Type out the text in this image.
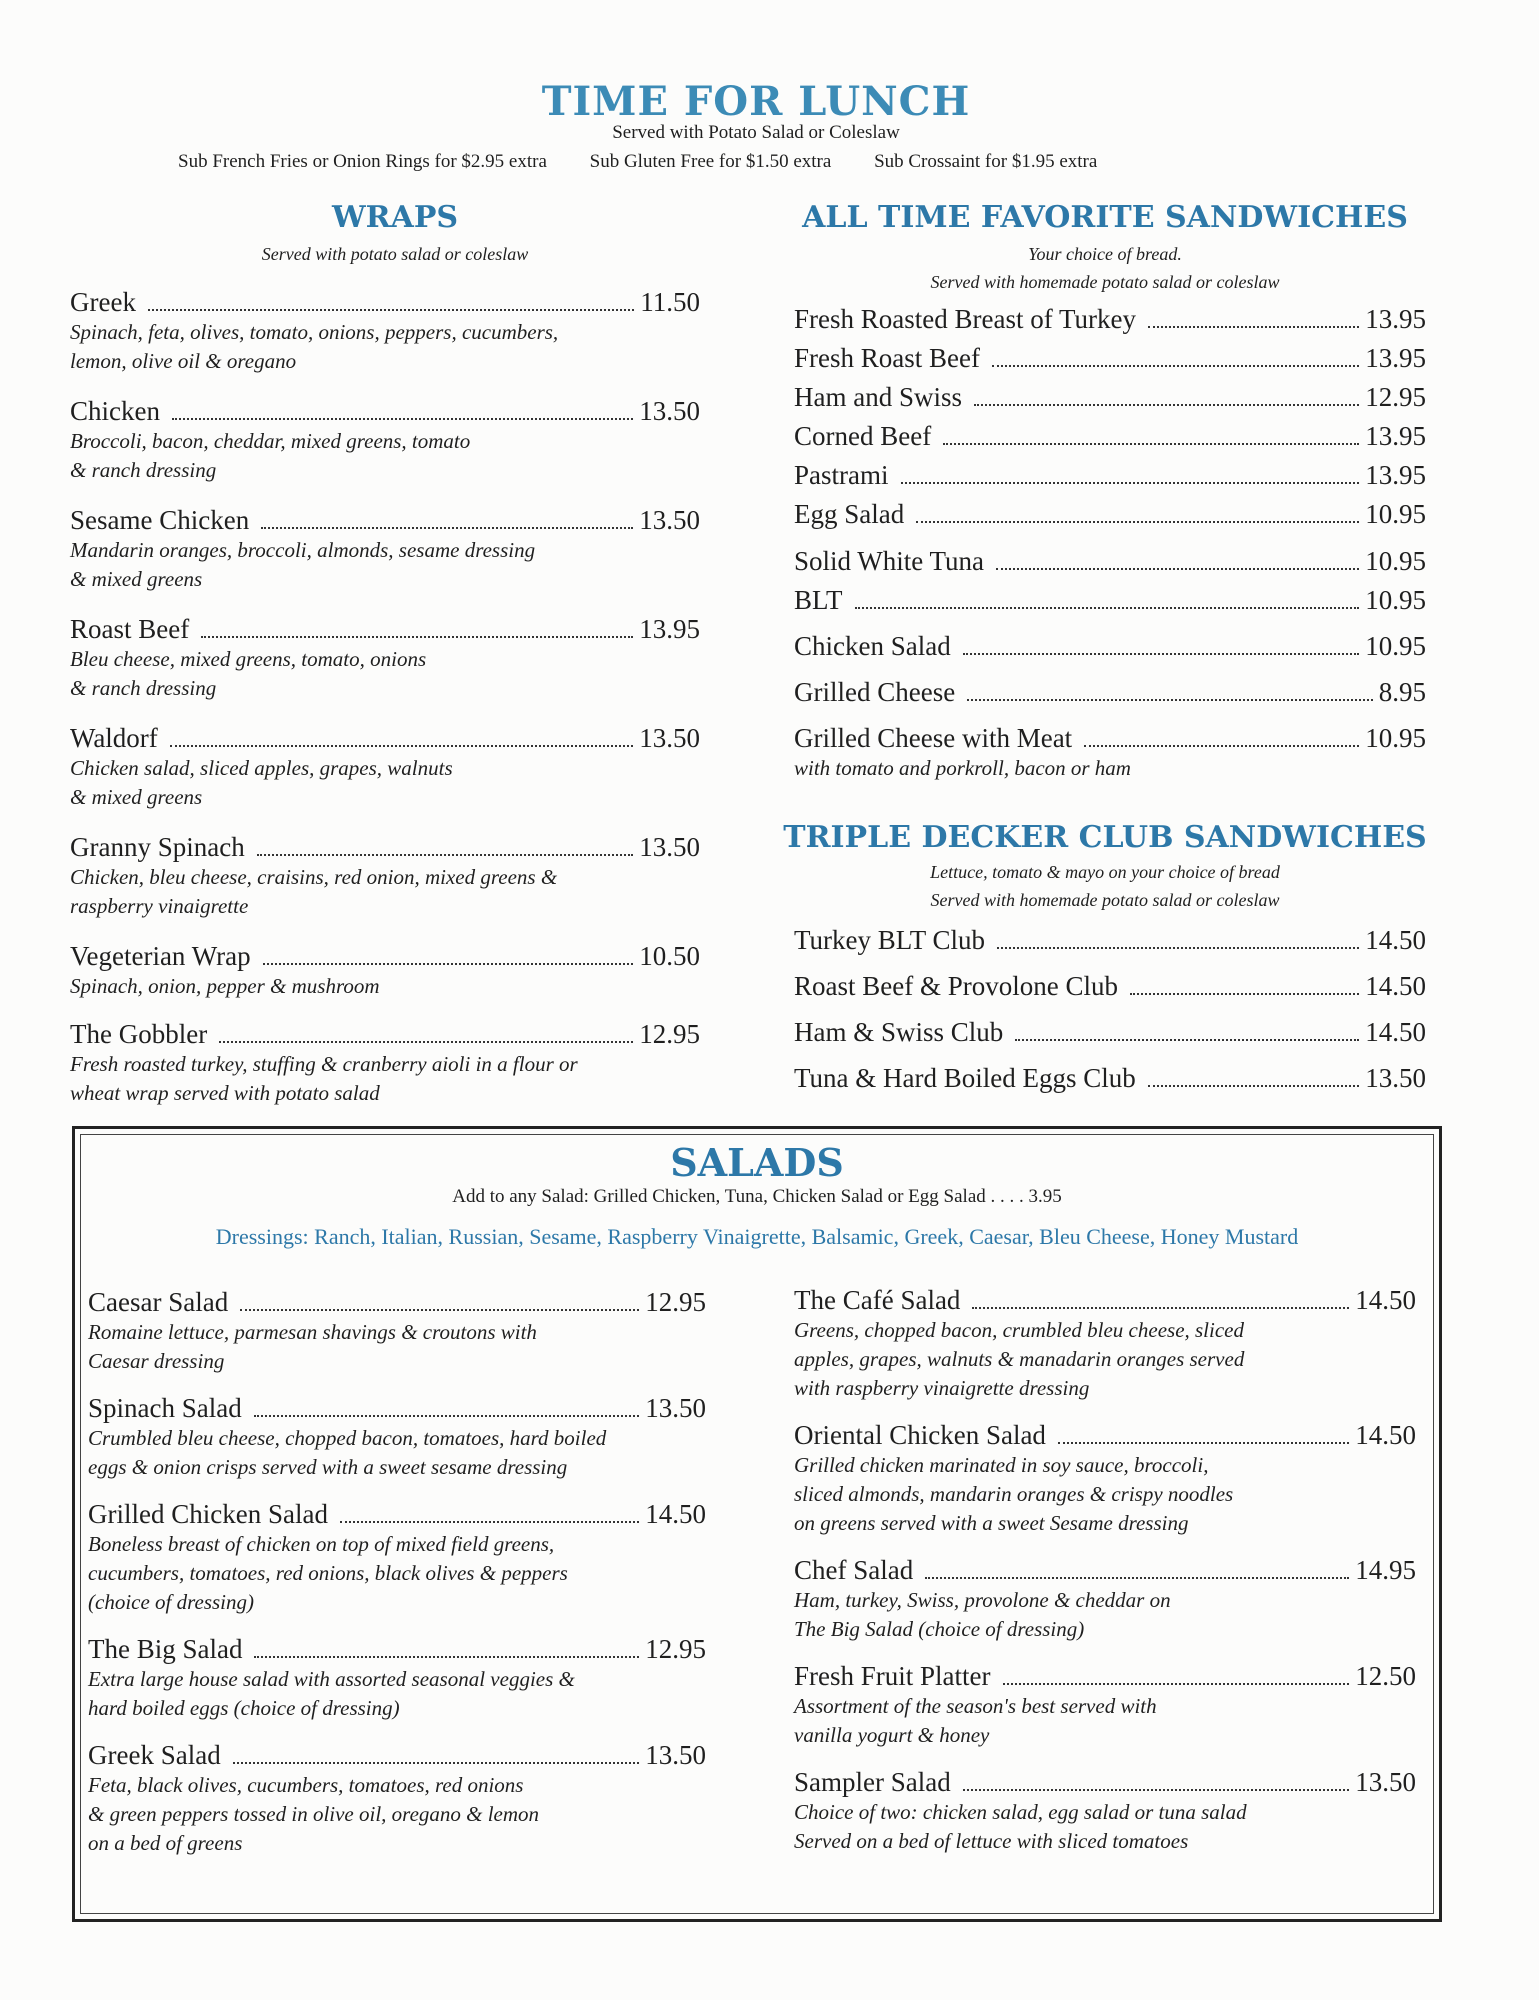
TIME FOR LUNCH
Served with Potato Salad or Coleslaw
Sub French Fries or Onion Rings for $2.95 extra Sub Gluten Free for $1.50 extra Sub Crossaint for $1.95 extra
WRAPS
Served with potato salad or coleslaw
Greek	11.50
Spinach, feta, olives, tomato, onions, peppers, cucumbers,
lemon, olive oil & oregano
Chicken	13.50
Broccoli, bacon, cheddar, mixed greens, tomato
& ranch dressing
Sesame Chicken	13.50
Mandarin oranges, broccoli, almonds, sesame dressing
& mixed greens
Roast Beef	13.95
Bleu cheese, mixed greens, tomato, onions
& ranch dressing
Waldorf	13.50
Chicken salad, sliced apples, grapes, walnuts
& mixed greens
Granny Spinach	13.50
Chicken, bleu cheese, craisins, red onion, mixed greens &
raspberry vinaigrette
Vegeterian Wrap	10.50
Spinach, onion, pepper & mushroom
The Gobbler	12.95
Fresh roasted turkey, stuffing & cranberry aioli in a flour or
wheat wrap served with potato salad
ALL TIME FAVORITE SANDWICHES
Your choice of bread.
Served with homemade potato salad or coleslaw
Fresh Roasted Breast of Turkey	13.95
Fresh Roast Beef	13.95
Ham and Swiss	12.95
Corned Beef	13.95
Pastrami	13.95
Egg Salad	10.95
Solid White Tuna	10.95
BLT	10.95
Chicken Salad	10.95
Grilled Cheese	8.95
Grilled Cheese with Meat	10.95
with tomato and porkroll, bacon or ham
TRIPLE DECKER CLUB SANDWICHES
Lettuce, tomato & mayo on your choice of bread
Served with homemade potato salad or coleslaw
Turkey BLT Club	14.50
Roast Beef & Provolone Club	14.50
Ham & Swiss Club	14.50
Tuna & Hard Boiled Eggs Club	13.50
SALADS
Add to any Salad: Grilled Chicken, Tuna, Chicken Salad or Egg Salad . . . . 3.95
Dressings: Ranch, Italian, Russian, Sesame, Raspberry Vinaigrette, Balsamic, Greek, Caesar, Bleu Cheese, Honey Mustard
Caesar Salad	12.95
Romaine lettuce, parmesan shavings & croutons with
Caesar dressing
Spinach Salad	13.50
Crumbled bleu cheese, chopped bacon, tomatoes, hard boiled
eggs & onion crisps served with a sweet sesame dressing
Grilled Chicken Salad	14.50
Boneless breast of chicken on top of mixed field greens,
cucumbers, tomatoes, red onions, black olives & peppers
(choice of dressing)
The Big Salad	12.95
Extra large house salad with assorted seasonal veggies &
hard boiled eggs (choice of dressing)
Greek Salad	13.50
Feta, black olives, cucumbers, tomatoes, red onions
& green peppers tossed in olive oil, oregano & lemon
on a bed of greens
The Café Salad	14.50
Greens, chopped bacon, crumbled bleu cheese, sliced
apples, grapes, walnuts & manadarin oranges served
with raspberry vinaigrette dressing
Oriental Chicken Salad	14.50
Grilled chicken marinated in soy sauce, broccoli,
sliced almonds, mandarin oranges & crispy noodles
on greens served with a sweet Sesame dressing
Chef Salad	14.95
Ham, turkey, Swiss, provolone & cheddar on
The Big Salad (choice of dressing)
Fresh Fruit Platter	12.50
Assortment of the season's best served with
vanilla yogurt & honey
Sampler Salad	13.50
Choice of two: chicken salad, egg salad or tuna salad
Served on a bed of lettuce with sliced tomatoes
